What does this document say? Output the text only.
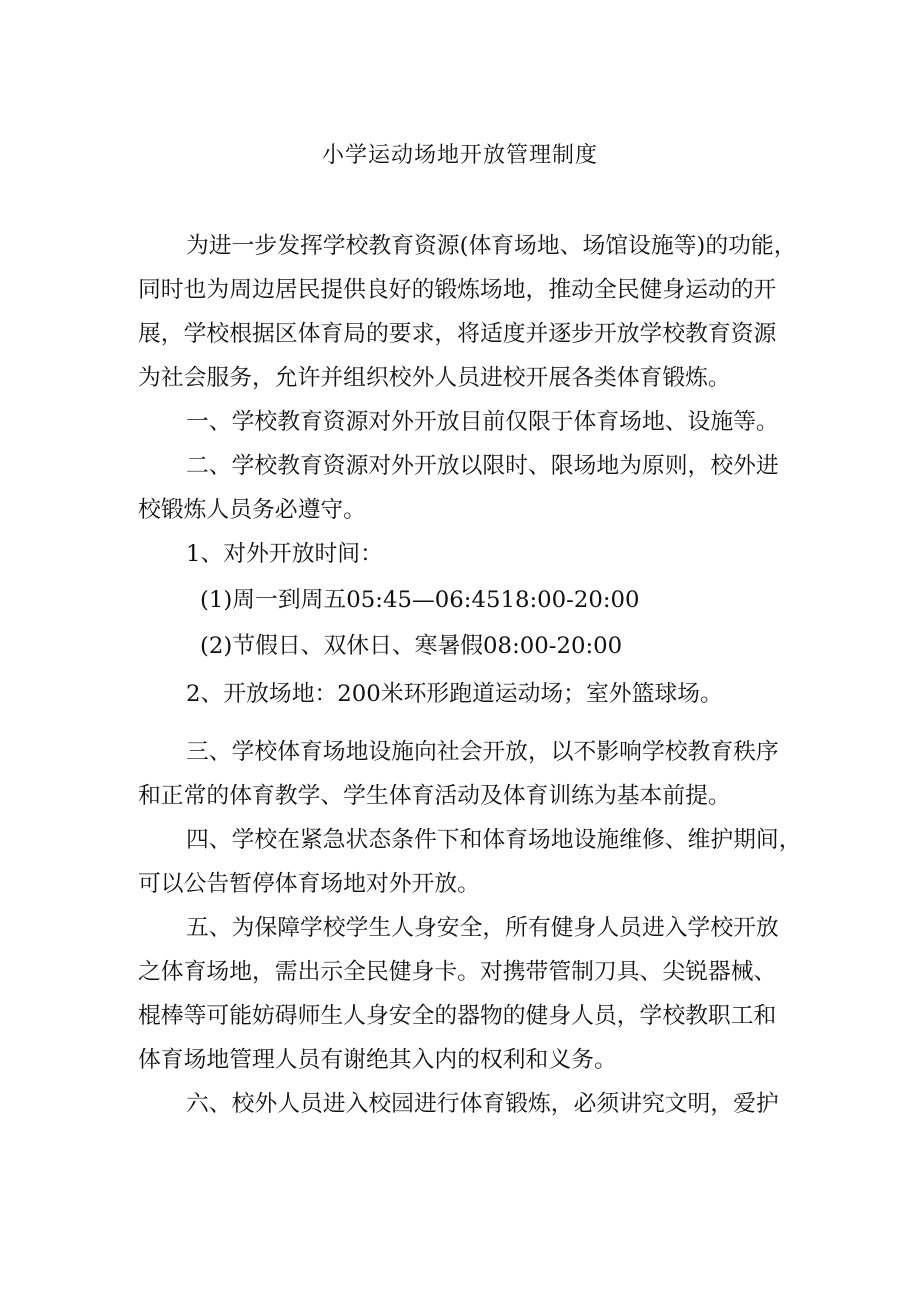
小学运动场地开放管理制度
为进一步发挥学校教育资源(体育场地、场馆设施等)的功能，
同时也为周边居民提供良好的锻炼场地，推动全民健身运动的开
展，学校根据区体育局的要求，将适度并逐步开放学校教育资源
为社会服务，允许并组织校外人员进校开展各类体育锻炼。
一、学校教育资源对外开放目前仅限于体育场地、设施等。
二、学校教育资源对外开放以限时、限场地为原则，校外进
校锻炼人员务必遵守。
1、对外开放时间：
(1)周一到周五05:45—06:4518:00-20:00
(2)节假日、双休日、寒暑假08:00-20:00
2、开放场地：200米环形跑道运动场；室外篮球场。
三、学校体育场地设施向社会开放，以不影响学校教育秩序
和正常的体育教学、学生体育活动及体育训练为基本前提。
四、学校在紧急状态条件下和体育场地设施维修、维护期间，
可以公告暂停体育场地对外开放。
五、为保障学校学生人身安全，所有健身人员进入学校开放
之体育场地，需出示全民健身卡。对携带管制刀具、尖锐器械、
棍棒等可能妨碍师生人身安全的器物的健身人员，学校教职工和
体育场地管理人员有谢绝其入内的权利和义务。
六、校外人员进入校园进行体育锻炼，必须讲究文明，爱护
